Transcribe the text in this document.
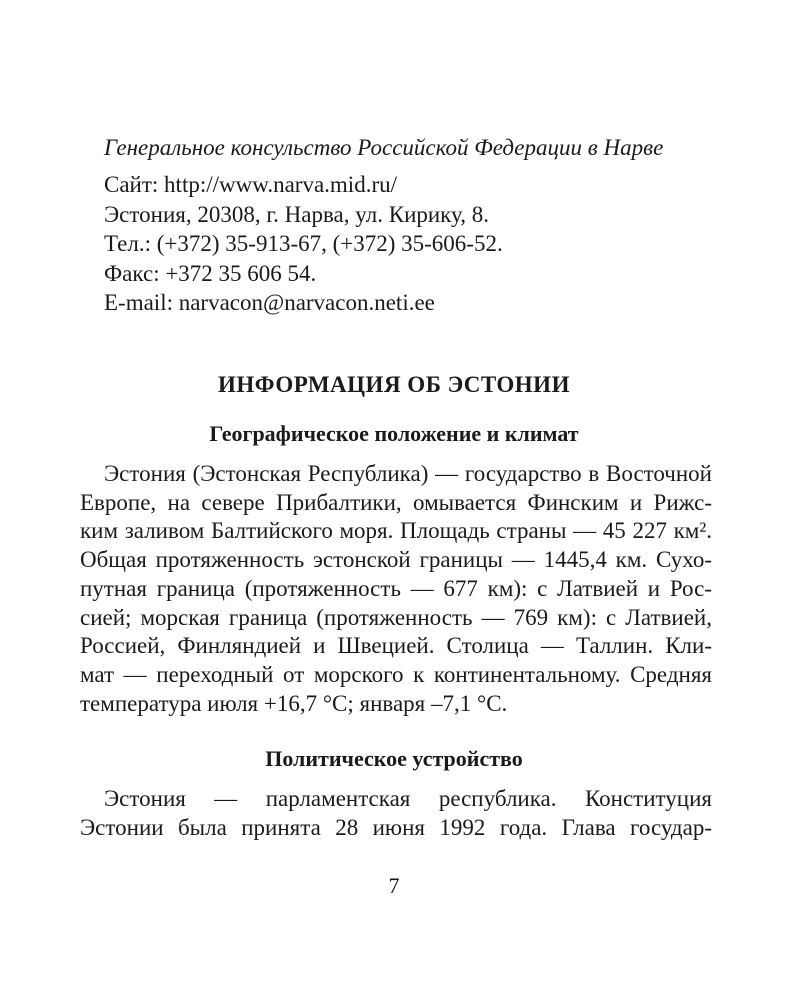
Генеральное консульство Российской Федерации в Нарве
Сайт: http://www.narva.mid.ru/
Эстония, 20308, г. Нарва, ул. Кирику, 8.
Тел.: (+372) 35-913-67, (+372) 35-606-52.
Факс: +372 35 606 54.
E-mail: narvacon@narvacon.neti.ee
ИНФОРМАЦИЯ ОБ ЭСТОНИИ
Географическое положение и климат
Эстония (Эстонская Республика) — государство в Восточной
Европе, на севере Прибалтики, омывается Финским и Рижс-
ким заливом Балтийского моря. Площадь страны — 45 227 км².
Общая протяженность эстонской границы — 1445,4 км. Сухо-
путная граница (протяженность — 677 км): с Латвией и Рос-
сией; морская граница (протяженность — 769 км): с Латвией,
Россией, Финляндией и Швецией. Столица — Таллин. Кли-
мат — переходный от морского к континентальному. Средняя
температура июля +16,7 °С; января –7,1 °С.
Политическое устройство
Эстония — парламентская республика. Конституция
Эстонии была принята 28 июня 1992 года. Глава государ-
7
